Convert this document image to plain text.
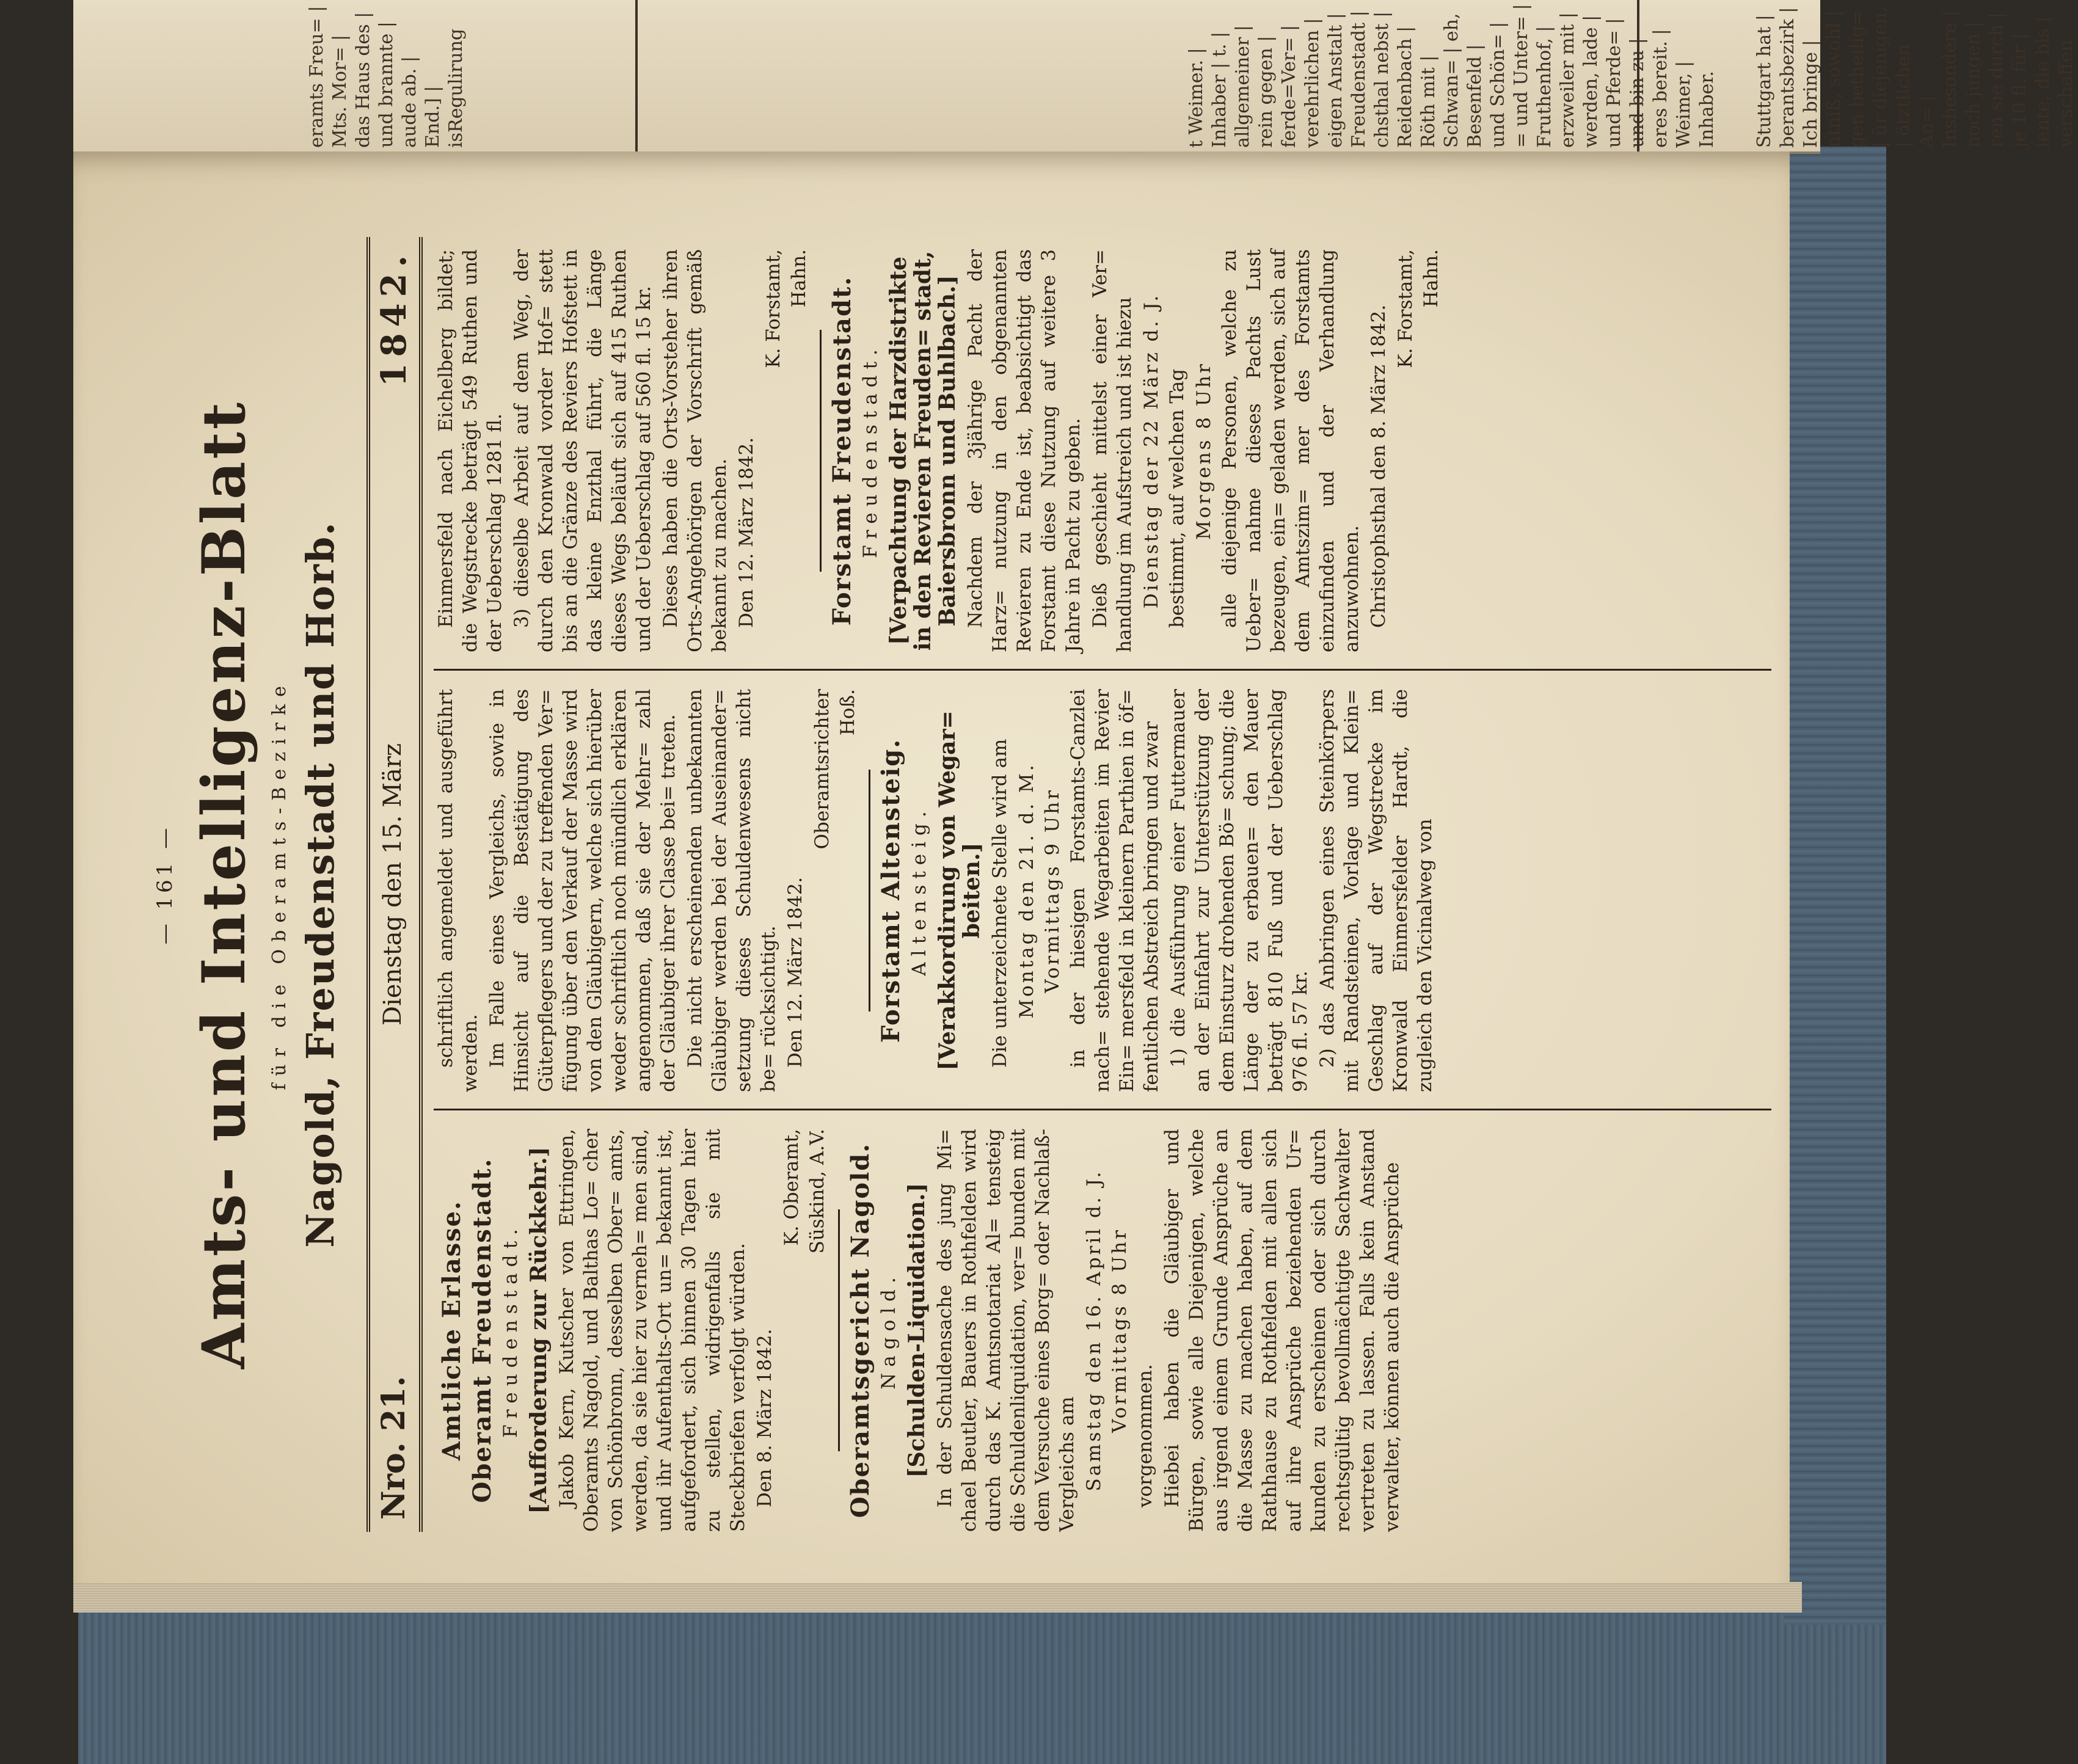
Stuttgart hat | berantsbezirk | Ich bringe | ntniß, sowohl | gen betheilig= | ür diejenigen, | ötztlichen An= | Insbesondere | noch jungen | ren sie durch | je 10 fl. für | iente, die bis | verschaffen
t Weimer. | Inhaber | t. | allgemeiner | rein gegen | ferde=Ver= | verehrlichen | eigen Anstalt | Freudenstadt | chsthal nebst | Reidenbach | Röth mit | Schwan= | eh, Besenfeld | und Schön= | = und Unter= | Fruthenhof, | erzweiler mit | werden, lade | und Pferde= | und bin zu | eres bereit. | Weimer, | Inhaber.
eramts Freu= | Mts. Mor= | das Haus des | und brannte | aude ab. | End.] | isRegulirung
— 161 — Amts- und Intelligenz-Blatt für die Oberamts-Bezirke Nagold, Freudenstadt und Horb.
Nro. 21.
Dienstag den 15. März
1842.
Amtliche Erlasse. Oberamt Freudenstadt. Freudenstadt. [Aufforderung zur Rückkehr.] Jakob Kern, Kutscher von Ettringen, Oberamts Nagold, und Balthas Lo= cher von Schönbronn, desselben Ober= amts, werden, da sie hier zu verneh= men sind, und ihr Aufenthalts-Ort un= bekannt ist, aufgefordert, sich binnen 30 Tagen hier zu stellen, widrigenfalls sie mit Steckbriefen verfolgt würden. Den 8. März 1842.

K. Oberamt, Süskind, A.V. Oberamtsgericht Nagold. Nagold. [Schulden-Liquidation.] In der Schuldensache des jung Mi= chael Beutler, Bauers in Rothfelden wird durch das K. Amtsnotariat Al= tensteig die Schuldenliquidation, ver= bunden mit dem Versuche eines Borg= oder Nachlaß-Vergleichs am Samstag den 16. April d. J. Vormittags 8 Uhr

vorgenommen. Hiebei haben die Gläubiger und Bürgen, sowie alle Diejenigen, welche aus irgend einem Grunde Ansprüche an die Masse zu machen haben, auf dem Rathhause zu Rothfelden mit allen sich auf ihre Ansprüche beziehenden Ur= kunden zu erscheinen oder sich durch rechtsgültig bevollmächtigte Sachwalter vertreten zu lassen. Falls kein Anstand verwalter, können auch die Ansprüche

schriftlich angemeldet und ausgeführt werden. Im Falle eines Vergleichs, sowie in Hinsicht auf die Bestätigung des Güterpflegers und der zu treffenden Ver= fügung über den Verkauf der Masse wird von den Gläubigern, welche sich hierüber weder schriftlich noch mündlich erklären angenommen, daß sie der Mehr= zahl der Gläubiger ihrer Classe bei= treten. Die nicht erscheinenden unbekannten Gläubiger werden bei der Auseinander= setzung dieses Schuldenwesens nicht be= rücksichtigt. Den 12. März 1842.

Oberamtsrichter Hoß.
Forstamt Altensteig. Altensteig. [Verakkordirung von Wegar= beiten.] Die unterzeichnete Stelle wird am Montag den 21. d. M. Vormittags 9 Uhr in der hiesigen Forstamts-Canzlei nach= stehende Wegarbeiten im Revier Ein= mersfeld in kleinern Parthien in öf= fentlichen Abstreich bringen und zwar 1) die Ausführung einer Futtermauer an der Einfahrt zur Unterstützung der dem Einsturz drohenden Bö= schung; die Länge der zu erbauen= den Mauer beträgt 810 Fuß und der Ueberschlag 976 fl. 57 kr. 2) das Anbringen eines Steinkörpers mit Randsteinen, Vorlage und Klein= Geschlag auf der Wegstrecke im Kronwald Einmersfelder Hardt, die zugleich den Vicinalweg von

Einmersfeld nach Eichelberg bildet; die Wegstrecke beträgt 549 Ruthen und der Ueberschlag 1281 fl. 3) dieselbe Arbeit auf dem Weg, der durch den Kronwald vorder Hof= stett bis an die Gränze des Reviers Hofstett in das kleine Enzthal führt, die Länge dieses Wegs beläuft sich auf 415 Ruthen und der Ueberschlag auf 560 fl. 15 kr. Dieses haben die Orts-Vorsteher ihren Orts-Angehörigen der Vorschrift gemäß bekannt zu machen. Den 12. März 1842.

K. Forstamt, Hahn. Forstamt Freudenstadt. Freudenstadt. [Verpachtung der Harzdistrikte in den Revieren Freuden= stadt, Baiersbronn und Buhlbach.] Nachdem der 3jährige Pacht der Harz= nutzung in den obgenannten Revieren zu Ende ist, beabsichtigt das Forstamt diese Nutzung auf weitere 3 Jahre in Pacht zu geben. Dieß geschieht mittelst einer Ver= handlung im Aufstreich und ist hiezu Dienstag der 22 März d. J. bestimmt, auf welchen Tag Morgens 8 Uhr alle diejenige Personen, welche zu Ueber= nahme dieses Pachts Lust bezeugen, ein= geladen werden, sich auf dem Amtszim= mer des Forstamts einzufinden und der Verhandlung anzuwohnen. Christophsthal den 8. März 1842. K. Forstamt, Hahn.
